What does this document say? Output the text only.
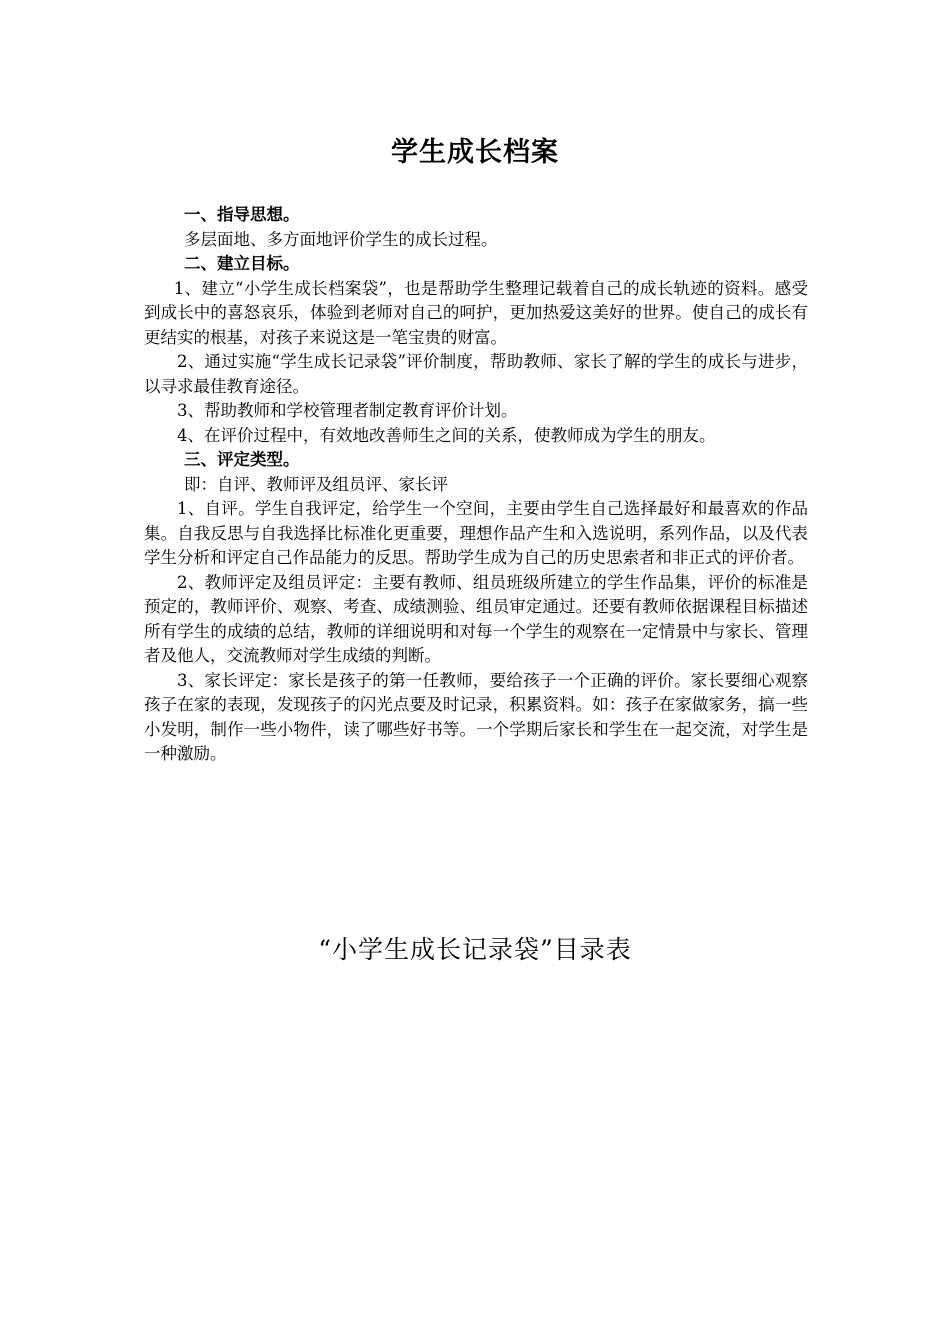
学生成长档案

一、指导思想。

多层面地、多方面地评价学生的成长过程。

二、建立目标。

1、建立“小学生成长档案袋”，也是帮助学生整理记载着自己的成长轨迹的资料。感受到成长中的喜怒哀乐，体验到老师对自己的呵护，更加热爱这美好的世界。使自己的成长有更结实的根基，对孩子来说这是一笔宝贵的财富。

2、通过实施“学生成长记录袋”评价制度，帮助教师、家长了解的学生的成长与进步，以寻求最佳教育途径。

3、帮助教师和学校管理者制定教育评价计划。

4、在评价过程中，有效地改善师生之间的关系，使教师成为学生的朋友。

三、评定类型。

即：自评、教师评及组员评、家长评

1、自评。学生自我评定，给学生一个空间，主要由学生自己选择最好和最喜欢的作品集。自我反思与自我选择比标准化更重要，理想作品产生和入选说明，系列作品，以及代表学生分析和评定自己作品能力的反思。帮助学生成为自己的历史思索者和非正式的评价者。

2、教师评定及组员评定：主要有教师、组员班级所建立的学生作品集，评价的标准是预定的，教师评价、观察、考查、成绩测验、组员审定通过。还要有教师依据课程目标描述所有学生的成绩的总结，教师的详细说明和对每一个学生的观察在一定情景中与家长、管理者及他人，交流教师对学生成绩的判断。

3、家长评定：家长是孩子的第一任教师，要给孩子一个正确的评价。家长要细心观察孩子在家的表现，发现孩子的闪光点要及时记录，积累资料。如：孩子在家做家务，搞一些小发明，制作一些小物件，读了哪些好书等。一个学期后家长和学生在一起交流，对学生是一种激励。

“小学生成长记录袋”目录表
